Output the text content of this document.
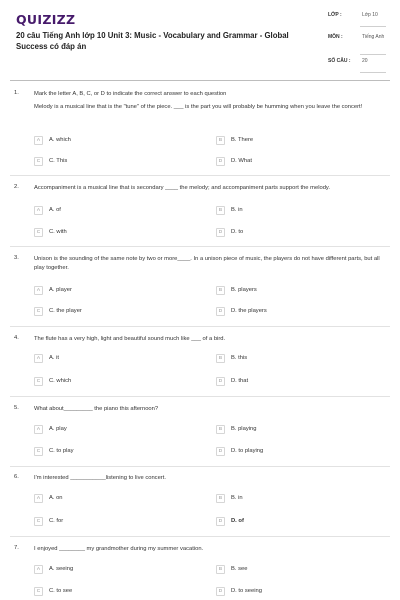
QUIZIZZ
20 câu Tiếng Anh lớp 10 Unit 3: Music - Vocabulary and Grammar - Global Success có đáp án
LỚP :	Lớp 10
MÔN :	Tiếng Anh
SỐ CÂU : 20
1.	Mark the letter A, B, C, or D to indicate the correct answer to each question

Melody is a musical line that is the "tune" of the piece. ___ is the part you will probably be humming when you leave the concert!

A	A. which	B	B. There
C	C. This	D	D. What
2.	Accompaniment is a musical line that is secondary ____ the melody; and accompaniment parts support the melody.

A	A. of	B	B. in
C	C. with	D	D. to
3.	Unison is the sounding of the same note by two or more____. In a unison piece of music, the players do not have different parts, but all play together.

A	A. player	B	B. players
C	C. the player	D	D. the players
4.	The flute has a very high, light and beautiful sound much like ___ of a bird.

A	A. it	B	B. this
C	C. which	D	D. that
5.	What about_________ the piano this afternoon?

A	A. play	B	B. playing
C	C. to play	D	D. to playing
6.	I'm interested ___________listening to live concert.

A	A. on	B	B. in
C	C. for	D	D. of
7.	I enjoyed ________ my grandmother during my summer vacation.

A	A. seeing	B	B. see
C	C. to see	D	D. to seeing
